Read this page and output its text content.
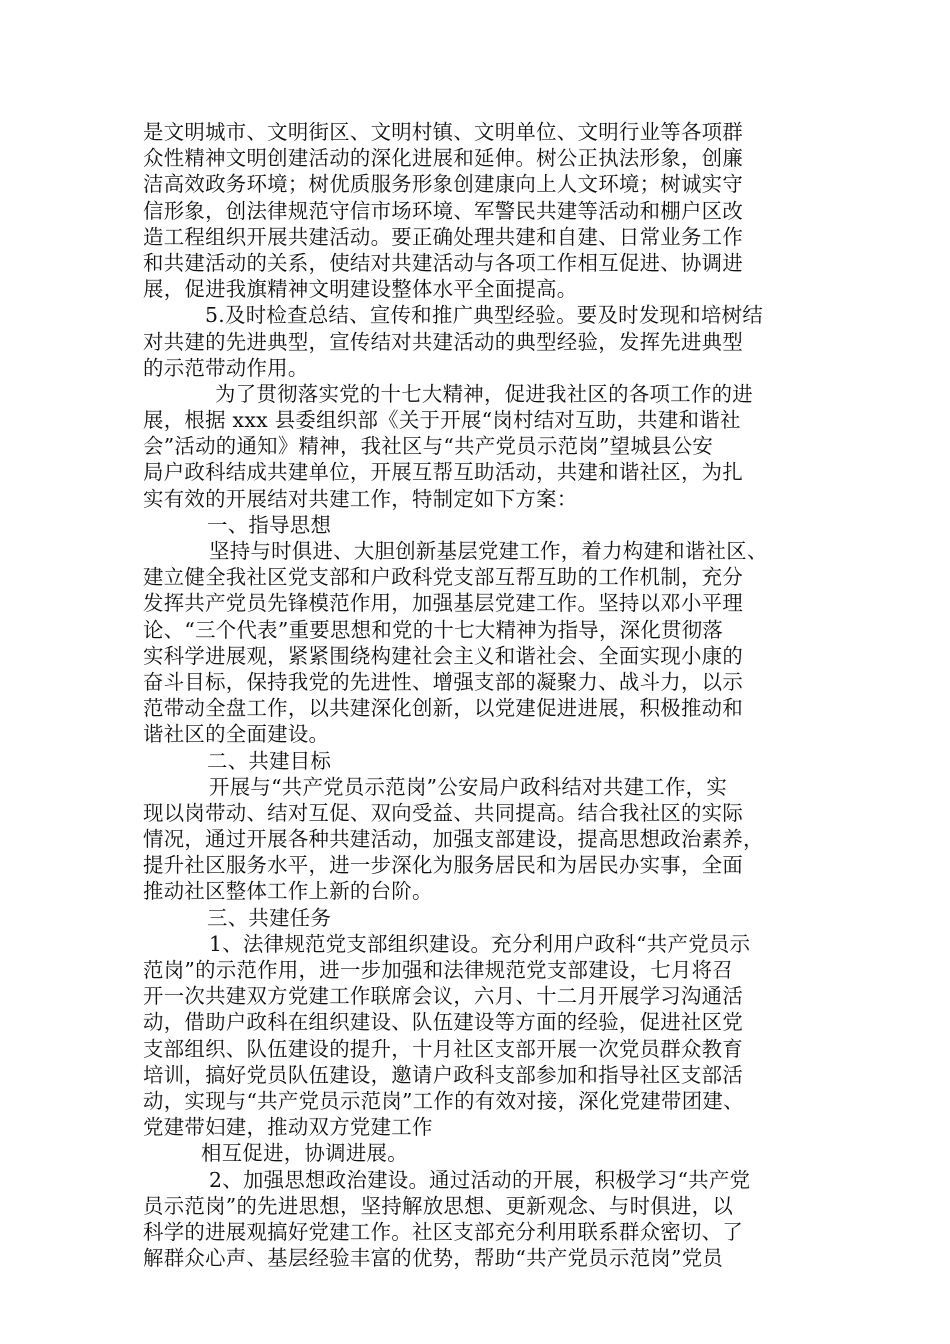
是文明城市、文明街区、文明村镇、文明单位、文明行业等各项群
众性精神文明创建活动的深化进展和延伸。树公正执法形象，创廉
洁高效政务环境；树优质服务形象创建康向上人文环境；树诚实守
信形象，创法律规范守信市场环境、军警民共建等活动和棚户区改
造工程组织开展共建活动。要正确处理共建和自建、日常业务工作
和共建活动的关系，使结对共建活动与各项工作相互促进、协调进
展，促进我旗精神文明建设整体水平全面提高。
5.及时检查总结、宣传和推广典型经验。要及时发现和培树结
对共建的先进典型，宣传结对共建活动的典型经验，发挥先进典型
的示范带动作用。
为了贯彻落实党的十七大精神，促进我社区的各项工作的进
展，根据 xxx 县委组织部《关于开展“岗村结对互助，共建和谐社
会”活动的通知》精神，我社区与“共产党员示范岗”望城县公安
局户政科结成共建单位，开展互帮互助活动，共建和谐社区，为扎
实有效的开展结对共建工作，特制定如下方案：
一、指导思想
坚持与时俱进、大胆创新基层党建工作，着力构建和谐社区、
建立健全我社区党支部和户政科党支部互帮互助的工作机制，充分
发挥共产党员先锋模范作用，加强基层党建工作。坚持以邓小平理
论、“三个代表”重要思想和党的十七大精神为指导，深化贯彻落
实科学进展观，紧紧围绕构建社会主义和谐社会、全面实现小康的
奋斗目标，保持我党的先进性、增强支部的凝聚力、战斗力，以示
范带动全盘工作，以共建深化创新，以党建促进进展，积极推动和
谐社区的全面建设。
二、共建目标
开展与“共产党员示范岗”公安局户政科结对共建工作，实
现以岗带动、结对互促、双向受益、共同提高。结合我社区的实际
情况，通过开展各种共建活动，加强支部建设，提高思想政治素养，
提升社区服务水平，进一步深化为服务居民和为居民办实事，全面
推动社区整体工作上新的台阶。
三、共建任务
1、法律规范党支部组织建设。充分利用户政科“共产党员示
范岗”的示范作用，进一步加强和法律规范党支部建设，七月将召
开一次共建双方党建工作联席会议，六月、十二月开展学习沟通活
动，借助户政科在组织建设、队伍建设等方面的经验，促进社区党
支部组织、队伍建设的提升，十月社区支部开展一次党员群众教育
培训，搞好党员队伍建设，邀请户政科支部参加和指导社区支部活
动，实现与“共产党员示范岗”工作的有效对接，深化党建带团建、
党建带妇建，推动双方党建工作
相互促进，协调进展。
2、加强思想政治建设。通过活动的开展，积极学习“共产党
员示范岗”的先进思想，坚持解放思想、更新观念、与时俱进，以
科学的进展观搞好党建工作。社区支部充分利用联系群众密切、了
解群众心声、基层经验丰富的优势，帮助“共产党员示范岗”党员
